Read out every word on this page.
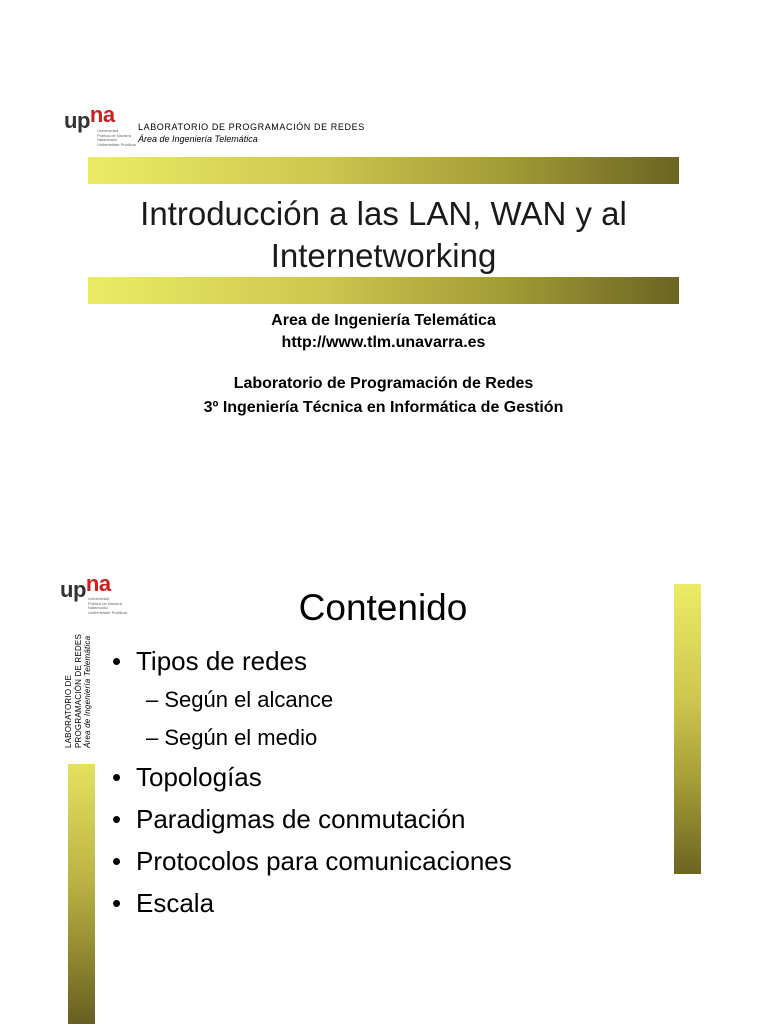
upna
Universidad
Pública de Navarra
Nafarroako
Unibertsitate Publikoa
LABORATORIO DE PROGRAMACIÓN DE REDES
Área de Ingeniería Telemática
Introducción a las LAN, WAN y al
Internetworking

Area de Ingeniería Telemática

http://www.tlm.unavarra.es

Laboratorio de Programación de Redes

3º Ingeniería Técnica en Informática de Gestión

upna
Universidad
Pública de Navarra
Nafarroako
Unibertsitate Publikoa
LABORATORIO DE PROGRAMACIÓN DE REDES Área de Ingeniería Telemática
Contenido

• Tipos de redes

– Según el alcance

– Según el medio

• Topologías

• Paradigmas de conmutación

• Protocolos para comunicaciones

• Escala
